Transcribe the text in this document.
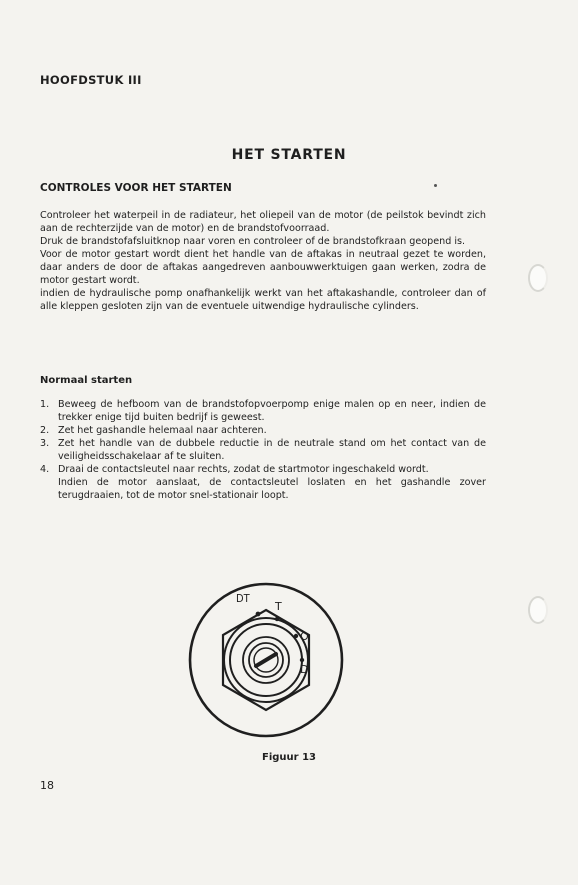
HOOFDSTUK III
HET STARTEN
CONTROLES VOOR HET STARTEN

Controleer het waterpeil in de radiateur, het oliepeil van de motor (de peilstok bevindt zich aan de rechterzijde van de motor) en de brandstofvoorraad.

Druk de brandstofafsluitknop naar voren en controleer of de brandstofkraan geopend is.

Voor de motor gestart wordt dient het handle van de aftakas in neutraal gezet te worden, daar anders de door de aftakas aangedreven aanbouwwerktuigen gaan werken, zodra de motor gestart wordt.

indien de hydraulische pomp onafhankelijk werkt van het aftakashandle, controleer dan of alle kleppen gesloten zijn van de eventuele uitwendige hydraulische cylinders.

Normaal starten
1. Beweeg de hefboom van de brandstofopvoerpomp enige malen op en neer, indien de trekker enige tijd buiten bedrijf is geweest.
2. Zet het gashandle helemaal naar achteren.
3. Zet het handle van de dubbele reductie in de neutrale stand om het contact van de veiligheidsschakelaar af te sluiten.
4. Draai de contactsleutel naar rechts, zodat de startmotor ingeschakeld wordt.
Indien de motor aanslaat, de contactsleutel loslaten en het gashandle zover terugdraaien, tot de motor snel-stationair loopt.
DT
T
O
D
Figuur 13
18
